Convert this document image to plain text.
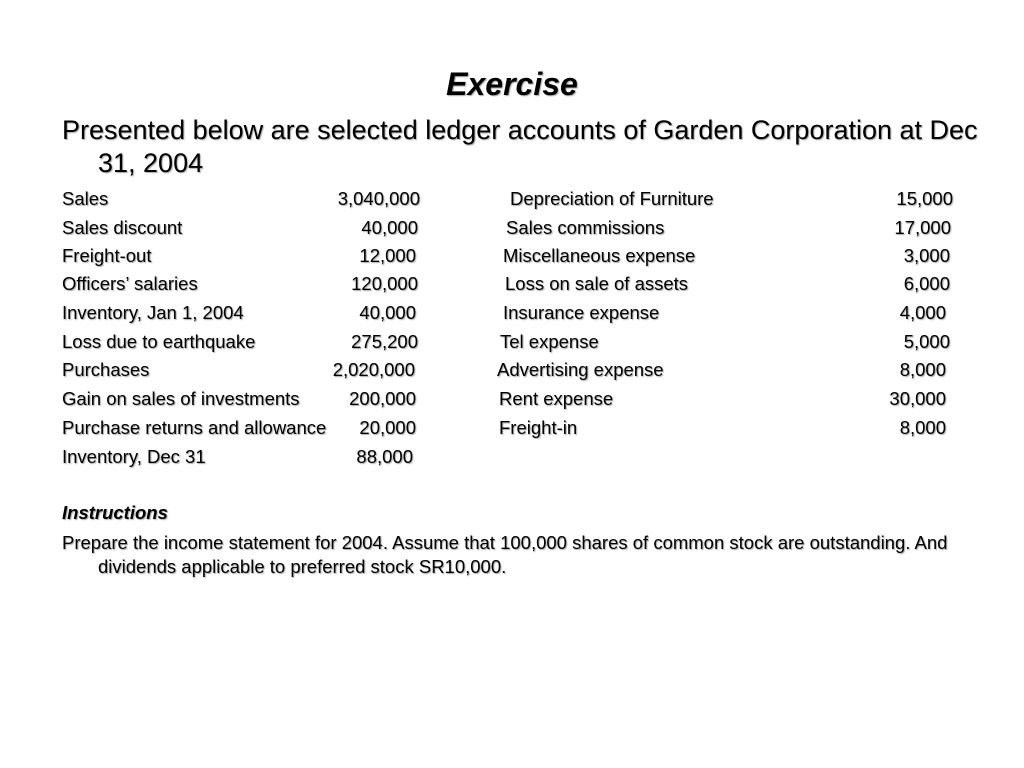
Exercise

Presented below are selected ledger accounts of Garden Corporation at Dec 31, 2004

Sales	3,040,000	Depreciation of Furniture	15,000
Sales discount	40,000	Sales commissions	17,000
Freight-out	12,000	Miscellaneous expense	3,000
Officers’ salaries	120,000	Loss on sale of assets	6,000
Inventory, Jan 1, 2004	40,000	Insurance expense	4,000
Loss due to earthquake	275,200	Tel expense	5,000
Purchases	2,020,000	Advertising expense	8,000
Gain on sales of investments	200,000	Rent expense	30,000
Purchase returns and allowance	20,000	Freight-in	8,000
Inventory, Dec 31	88,000
Instructions

Prepare the income statement for 2004. Assume that 100,000 shares of common stock are outstanding. And dividends applicable to preferred stock SR10,000.
